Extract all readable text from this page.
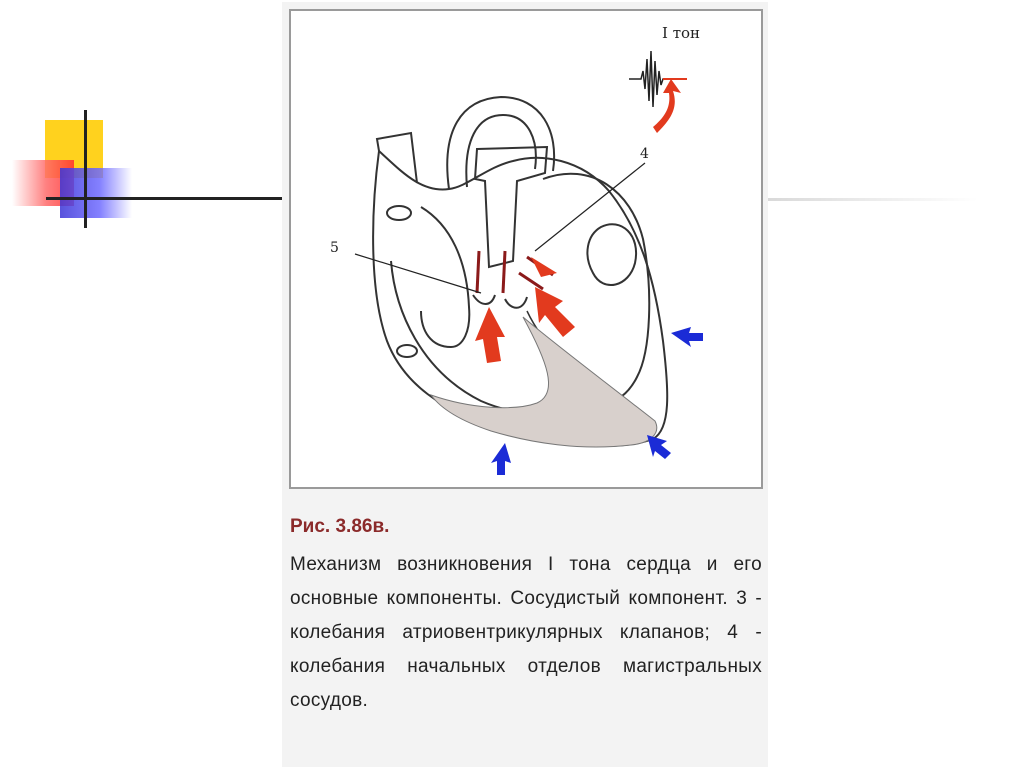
I тон
4
5
Рис. 3.86в.
Механизм возникновения I тона сердца и его основные компоненты. Сосудистый компонент. 3 - колебания атриовентрикулярных клапанов; 4 - колебания начальных отделов магистральных сосудов.
